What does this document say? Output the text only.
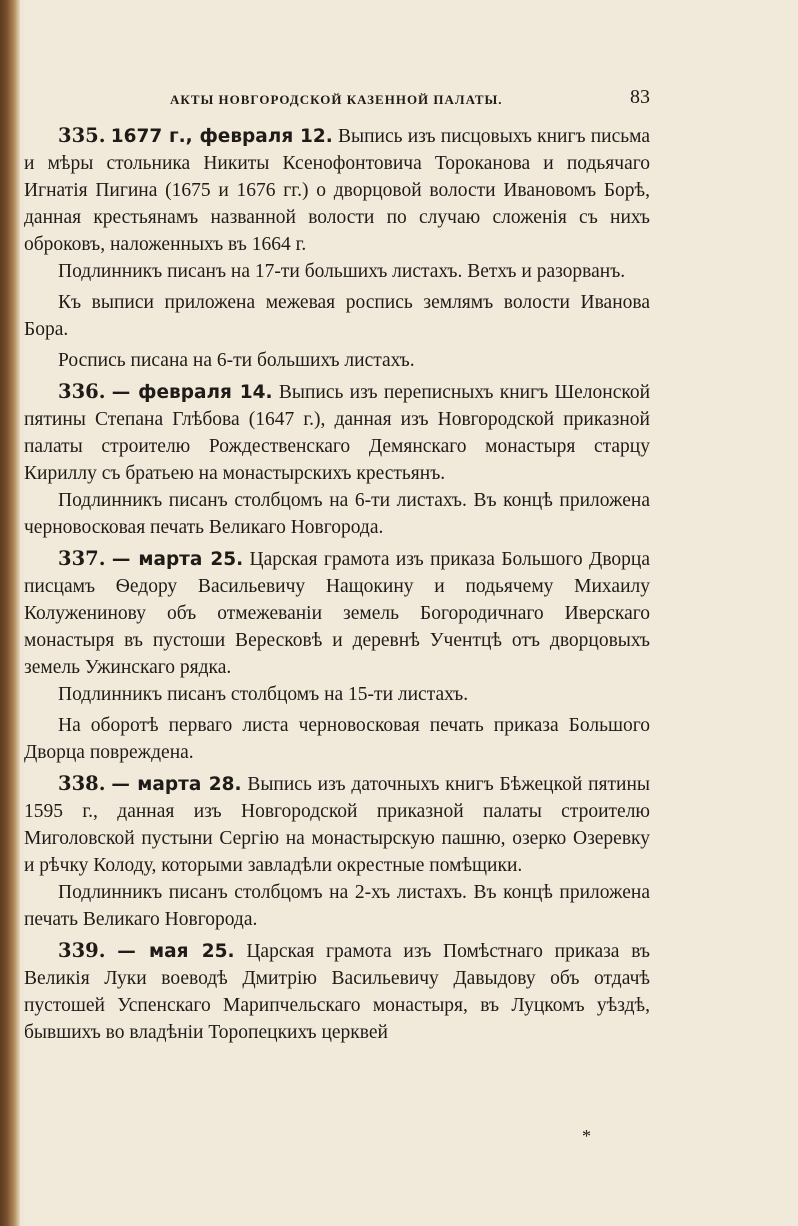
АКТЫ НОВГОРОДСКОЙ КАЗЕННОЙ ПАЛАТЫ.	83

335. 1677 г., февраля 12. Выпись изъ писцовыхъ книгъ письма и мѣры стольника Никиты Ксенофонтовича Тороканова и подьячаго Игнатія Пигина (1675 и 1676 гг.) о дворцовой волости Ивановомъ Борѣ, данная крестьянамъ названной волости по случаю сложенія съ нихъ оброковъ, наложенныхъ въ 1664 г.

Подлинникъ писанъ на 17-ти большихъ листахъ. Ветхъ и разорванъ.

Къ выписи приложена межевая роспись землямъ волости Иванова Бора.

Роспись писана на 6-ти большихъ листахъ.

336. — февраля 14. Выпись изъ переписныхъ книгъ Шелонской пятины Степана Глѣбова (1647 г.), данная изъ Новгородской приказной палаты строителю Рождественскаго Демянскаго монастыря старцу Кириллу съ братьею на монастырскихъ крестьянъ.

Подлинникъ писанъ столбцомъ на 6-ти листахъ. Въ концѣ приложена черновосковая печать Великаго Новгорода.

337. — марта 25. Царская грамота изъ приказа Большого Дворца писцамъ Ѳедору Васильевичу Нащокину и подьячему Михаилу Колуженинову объ отмежеваніи земель Богородичнаго Иверскаго монастыря въ пустоши Вересковѣ и деревнѣ Учентцѣ отъ дворцовыхъ земель Ужинскаго рядка.

Подлинникъ писанъ столбцомъ на 15-ти листахъ.

На оборотѣ перваго листа черновосковая печать приказа Большого Дворца повреждена.

338. — марта 28. Выпись изъ даточныхъ книгъ Бѣжецкой пятины 1595 г., данная изъ Новгородской приказной палаты строителю Миголовской пустыни Сергію на монастырскую пашню, озерко Озеревку и рѣчку Колоду, которыми завладѣли окрестные помѣщики.

Подлинникъ писанъ столбцомъ на 2-хъ листахъ. Въ концѣ приложена печать Великаго Новгорода.

339. — мая 25. Царская грамота изъ Помѣстнаго приказа въ Великія Луки воеводѣ Дмитрію Васильевичу Давыдову объ отдачѣ пустошей Успенскаго Марипчельскаго монастыря, въ Луцкомъ уѣздѣ, бывшихъ во владѣніи Торопецкихъ церквей

*
